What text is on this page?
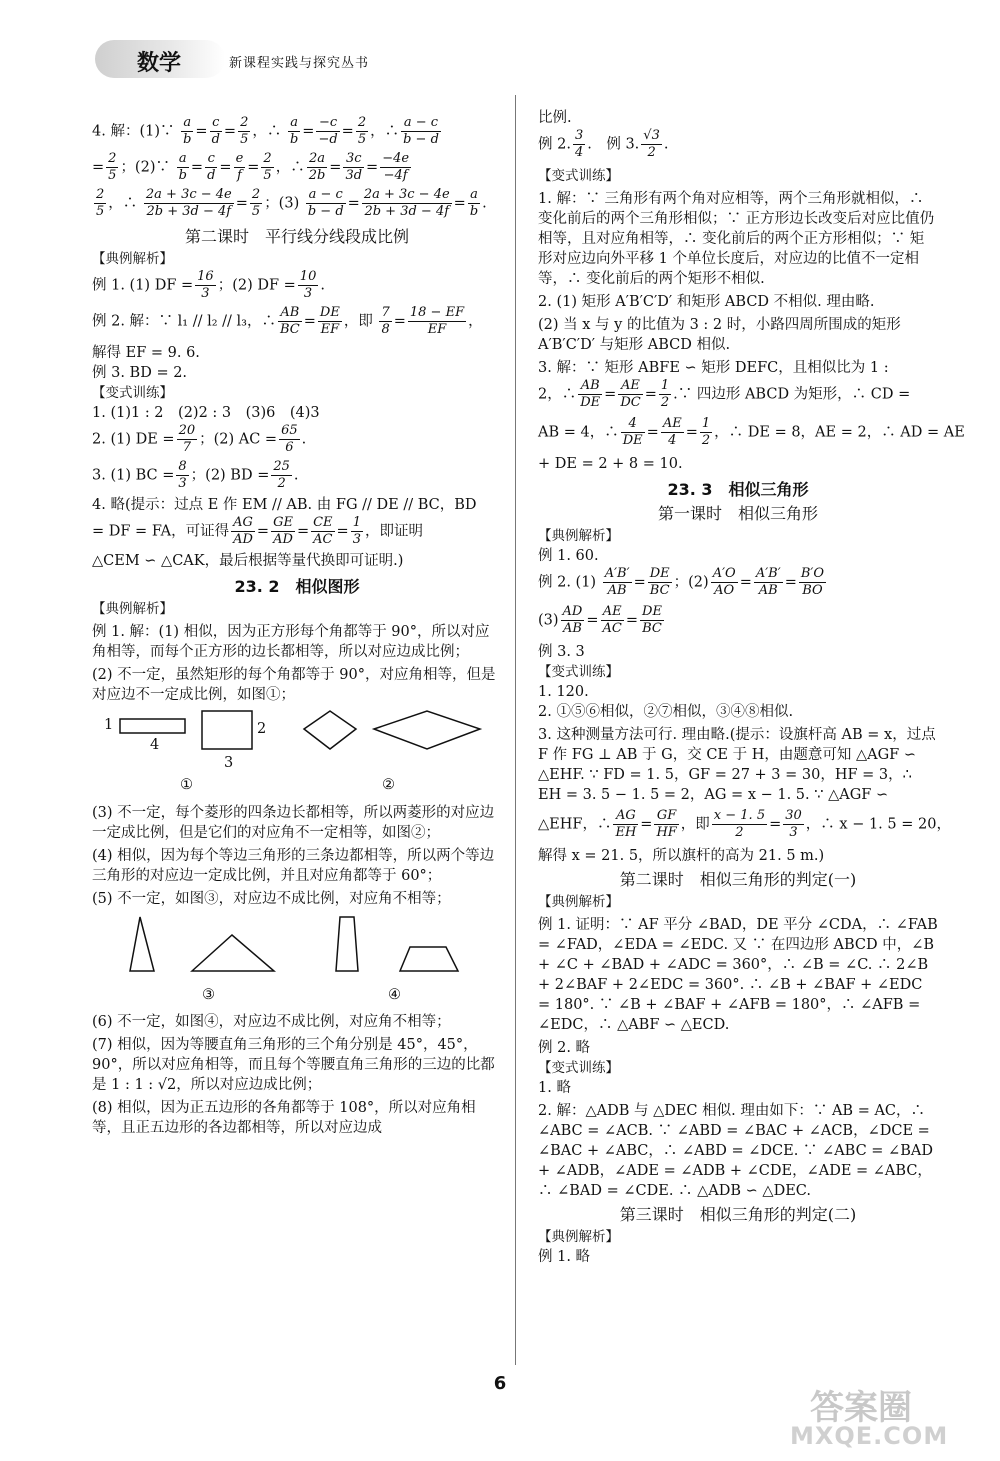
数学	新课程实践与探究丛书
4. 解：(1)∵ $\frac{a}{b} = \frac{c}{d} = \frac{2}{5}$ ，∴ $\frac{a}{b} = \frac{-c}{-d} = \frac{2}{5}$ ，∴ $\frac{a - c}{b - d}$
= $\frac{2}{5}$ ；(2)∵ $\frac{a}{b} = \frac{c}{d} = \frac{e}{f} = \frac{2}{5}$ ，∴ $\frac{2a}{2b} = \frac{3c}{3d} = \frac{-4e}{-4f}$
$\frac{2}{5}$ ，∴ $\frac{2a + 3c - 4e}{2b + 3d - 4f} = \frac{2}{5}$ ；$(3) \frac{a - c}{b - d} = \frac{2a + 3c - 4e}{2b + 3d - 4f} = \frac{a}{b}$ .
第二课时　平行线分线段成比例
【典例解析】
例 1. (1) DF = $\frac{16}{3}$ ；(2) DF = $\frac{10}{3}$ .
例 2. 解：∵ l₁ // l₂ // l₃，∴ $\frac{AB}{BC} = \frac{DE}{EF}$ ，即 $\frac{7}{8} = \frac{18 - EF}{EF}$ ，
解得 EF = 9. 6.
例 3. BD = 2.
【变式训练】
1. (1)1 : 2　(2)2 : 3　(3)6　(4)3
2. (1) DE = $\frac{20}{7}$ ；(2) AC = $\frac{65}{6}$ .
3. (1) BC = $\frac{8}{3}$ ；(2) BD = $\frac{25}{2}$ .
4. 略(提示：过点 E 作 EM // AB. 由 FG // DE // BC，BD
= DF = FA，可证得 $\frac{AG}{AD} = \frac{GE}{AD} = \frac{CE}{AC} = \frac{1}{3}$ ，即证明
△CEM ∽ △CAK，最后根据等量代换即可证明.)
23. 2　相似图形
【典例解析】
例 1. 解：(1) 相似，因为正方形每个角都等于 90°，所以对应角相等，而每个正方形的边长都相等，所以对应边成比例；
(2) 不一定，虽然矩形的每个角都等于 90°，对应角相等，但是对应边不一定成比例，如图①；
1
4
2
3
①	②
(3) 不一定，每个菱形的四条边长都相等，所以两菱形的对应边一定成比例，但是它们的对应角不一定相等，如图②；
(4) 相似，因为每个等边三角形的三条边都相等，所以两个等边三角形的对应边一定成比例，并且对应角都等于 60°；
(5) 不一定，如图③，对应边不成比例，对应角不相等；
③	④
(6) 不一定，如图④，对应边不成比例，对应角不相等；
(7) 相似，因为等腰直角三角形的三个角分别是 45°，45°，90°，所以对应角相等，而且每个等腰直角三角形的三边的比都是 1 : 1 : √2，所以对应边成比例；
(8) 相似，因为正五边形的各角都等于 108°，所以对应角相等，且正五边形的各边都相等，所以对应边成
比例.
例 2. $\frac{3}{4}$ .　例 3. $\frac{√3}{2}$ .
【变式训练】
1. 解：∵ 三角形有两个角对应相等，两个三角形就相似，∴ 变化前后的两个三角形相似；∵ 正方形边长改变后对应比值仍相等，且对应角相等，∴ 变化前后的两个正方形相似；∵ 矩形对应边向外平移 1 个单位长度后，对应边的比值不一定相等，∴ 变化前后的两个矩形不相似.
2. (1) 矩形 A′B′C′D′ 和矩形 ABCD 不相似. 理由略.
(2) 当 x 与 y 的比值为 3 : 2 时，小路四周所围成的矩形 A′B′C′D′ 与矩形 ABCD 相似.
3. 解：∵ 矩形 ABFE ∽ 矩形 DEFC，且相似比为 1 :
2，∴ $\frac{AB}{DE} = \frac{AE}{DC} = \frac{1}{2}$ .∵ 四边形 ABCD 为矩形，∴ CD =
AB = 4，∴ $\frac{4}{DE} = \frac{AE}{4} = \frac{1}{2}$ ，∴ DE = 8，AE = 2，∴ AD = AE
+ DE = 2 + 8 = 10.
23. 3　相似三角形
第一课时　相似三角形
【典例解析】
例 1. 60.
例 2. $(1) \frac{A'B'}{AB} = \frac{DE}{BC}$ ；$(2) \frac{A'O}{AO} = \frac{A'B'}{AB} = \frac{B'O}{BO}$
$(3) \frac{AD}{AB} = \frac{AE}{AC} = \frac{DE}{BC}$
例 3. 3
【变式训练】
1. 120.
2. ①⑤⑥相似，②⑦相似，③④⑧相似.
3. 这种测量方法可行. 理由略.(提示：设旗杆高 AB = x，过点 F 作 FG ⊥ AB 于 G，交 CE 于 H，由题意可知 △AGF ∽ △EHF. ∵ FD = 1. 5，GF = 27 + 3 = 30，HF = 3，∴ EH = 3. 5 − 1. 5 = 2，AG = x − 1. 5. ∵ △AGF ∽
△EHF，∴ $\frac{AG}{EH} = \frac{GF}{HF}$ ，即 $\frac{x - 1. 5}{2} = \frac{30}{3}$ ，∴ x − 1. 5 = 20，
解得 x = 21. 5，所以旗杆的高为 21. 5 m.)
第二课时　相似三角形的判定(一)
【典例解析】
例 1. 证明：∵ AF 平分 ∠BAD，DE 平分 ∠CDA，∴ ∠FAB = ∠FAD，∠EDA = ∠EDC. 又 ∵ 在四边形 ABCD 中，∠B + ∠C + ∠BAD + ∠ADC = 360°，∴ ∠B = ∠C. ∴ 2∠B + 2∠BAF + 2∠EDC = 360°. ∴ ∠B + ∠BAF + ∠EDC = 180°. ∵ ∠B + ∠BAF + ∠AFB = 180°，∴ ∠AFB = ∠EDC，∴ △ABF ∽ △ECD.
例 2. 略
【变式训练】
1. 略
2. 解：△ADB 与 △DEC 相似. 理由如下：∵ AB = AC，∴ ∠ABC = ∠ACB. ∵ ∠ABD = ∠BAC + ∠ACB，∠DCE = ∠BAC + ∠ABC，∴ ∠ABD = ∠DCE. ∵ ∠ABC = ∠BAD + ∠ADB，∠ADE = ∠ADB + ∠CDE，∠ADE = ∠ABC，∴ ∠BAD = ∠CDE. ∴ △ADB ∽ △DEC.
第三课时　相似三角形的判定(二)
【典例解析】
例 1. 略
6
答案圈
MXQE.COM
